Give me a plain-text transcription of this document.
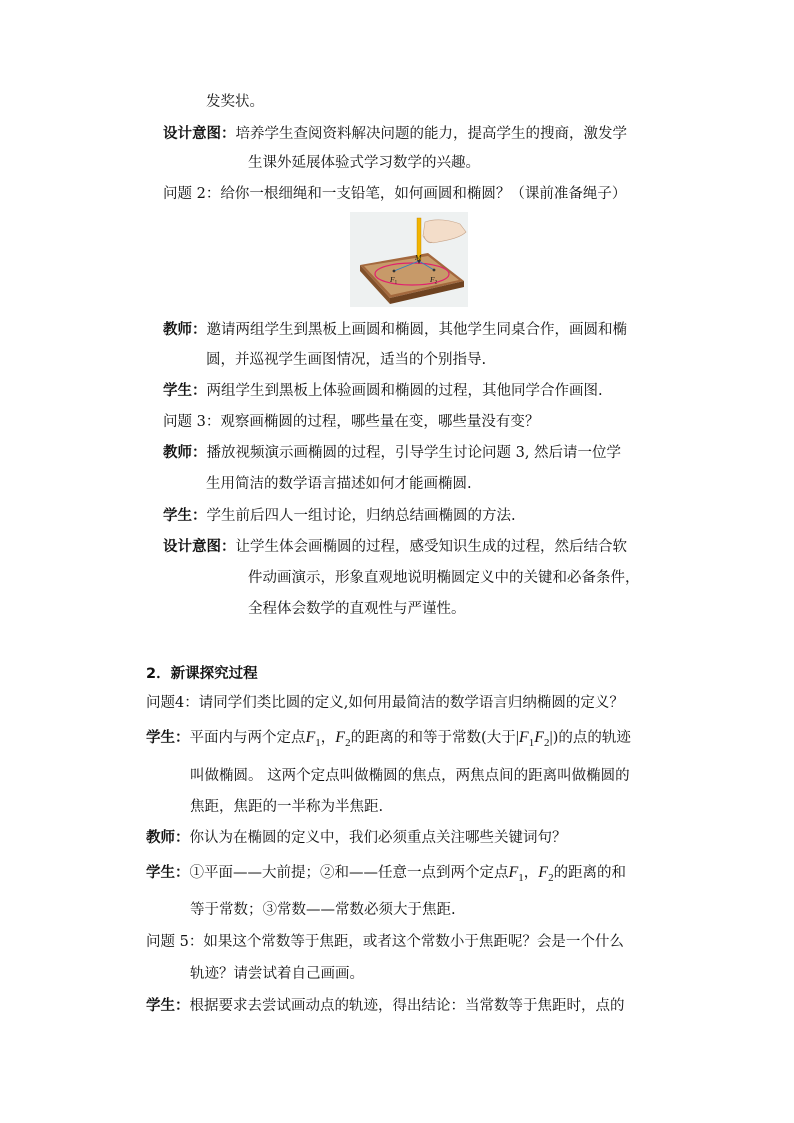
发奖状。
设计意图：培养学生查阅资料解决问题的能力，提高学生的搜商，激发学
生课外延展体验式学习数学的兴趣。
问题 2：给你一根细绳和一支铅笔，如何画圆和椭圆？（课前准备绳子）
M
$F_1$	$F_2$
教师：邀请两组学生到黑板上画圆和椭圆，其他学生同桌合作，画圆和椭
圆，并巡视学生画图情况，适当的个别指导.
学生：两组学生到黑板上体验画圆和椭圆的过程，其他同学合作画图.
问题 3：观察画椭圆的过程，哪些量在变，哪些量没有变？
教师：播放视频演示画椭圆的过程，引导学生讨论问题 3, 然后请一位学
生用简洁的数学语言描述如何才能画椭圆.
学生：学生前后四人一组讨论，归纳总结画椭圆的方法.
设计意图：让学生体会画椭圆的过程，感受知识生成的过程，然后结合软
件动画演示，形象直观地说明椭圆定义中的关键和必备条件，
全程体会数学的直观性与严谨性。
2．新课探究过程
问题4：请同学们类比圆的定义,如何用最简洁的数学语言归纳椭圆的定义？
学生：平面内与两个定点$F_1$，$F_2$的距离的和等于常数(大于$|F_1F_2|$)的点的轨迹
叫做椭圆。 这两个定点叫做椭圆的焦点，两焦点间的距离叫做椭圆的
焦距，焦距的一半称为半焦距.
教师：你认为在椭圆的定义中，我们必须重点关注哪些关键词句？
学生：①平面——大前提；②和——任意一点到两个定点$F_1$，$F_2$的距离的和
等于常数；③常数——常数必须大于焦距.
问题 5：如果这个常数等于焦距，或者这个常数小于焦距呢？会是一个什么
轨迹？请尝试着自己画画。
学生：根据要求去尝试画动点的轨迹，得出结论：当常数等于焦距时，点的
